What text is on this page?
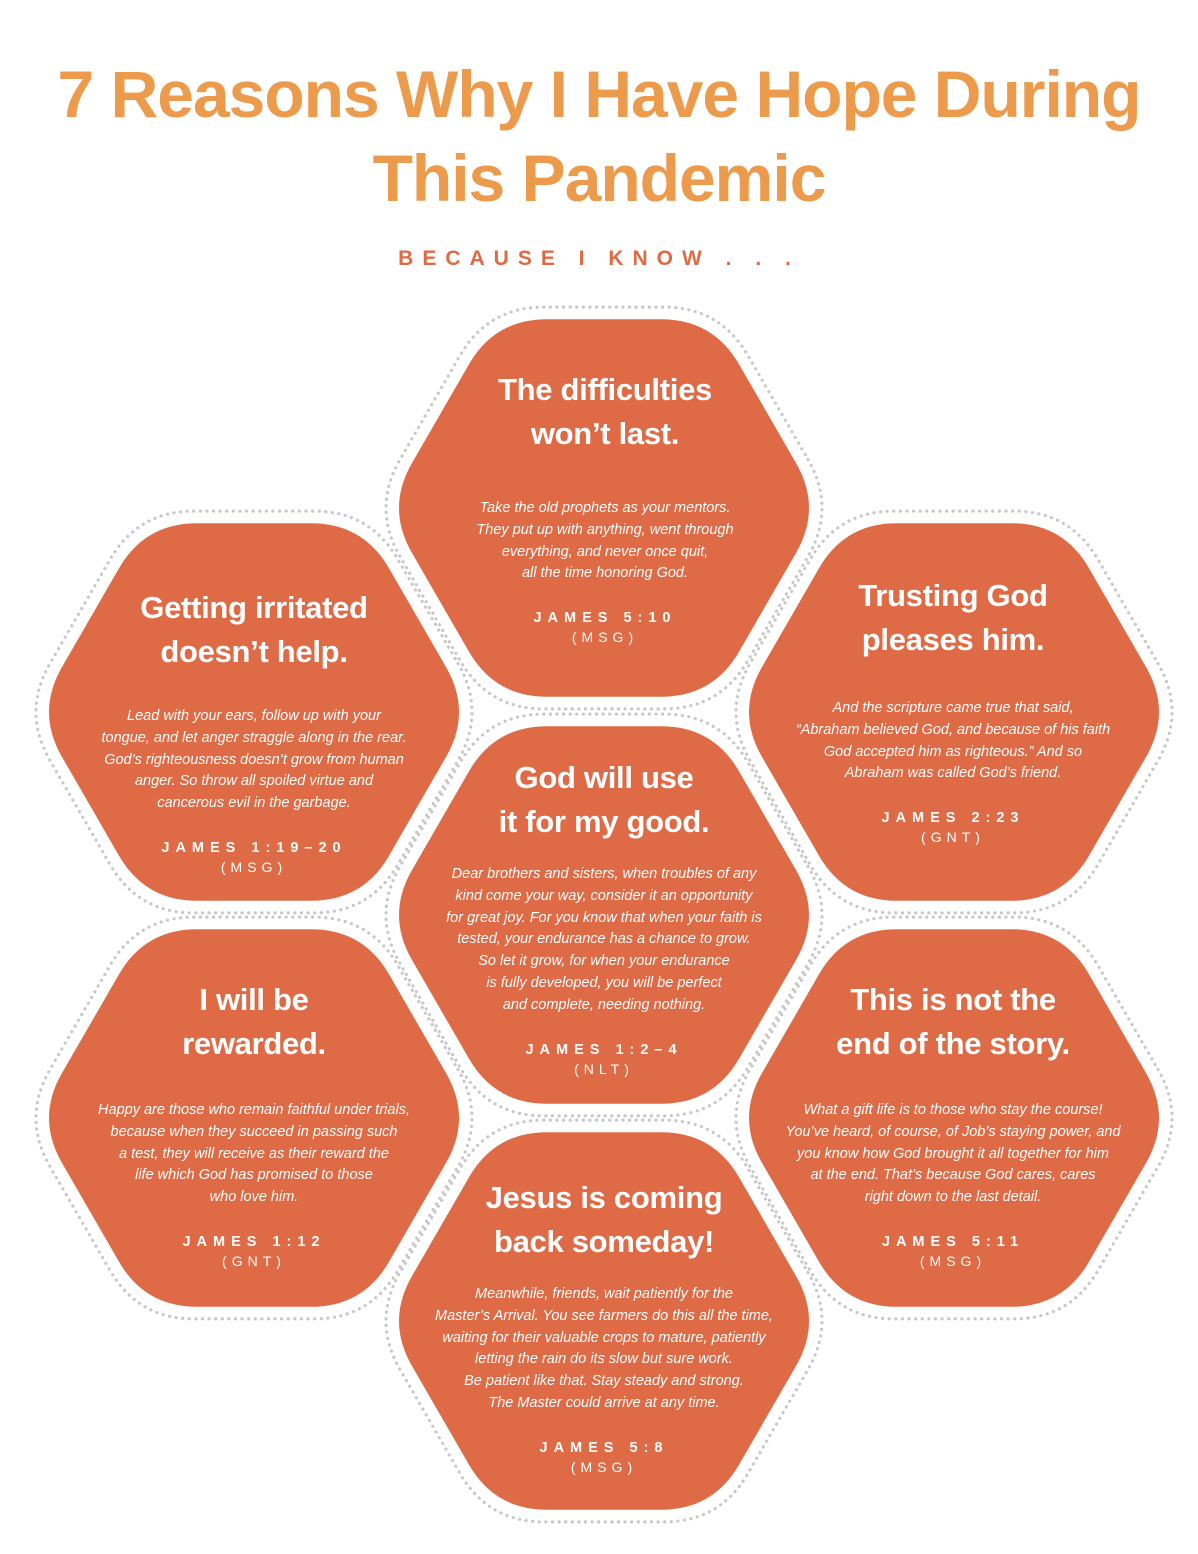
7 Reasons Why I Have Hope During This Pandemic
BECAUSE I KNOW . . .

The difficulties
won’t last.

Take the old prophets as your mentors.
They put up with anything, went through
everything, and never once quit,
all the time honoring God.

JAMES 5:10

(MSG)

Getting irritated
doesn’t help.

Lead with your ears, follow up with your
tongue, and let anger straggle along in the rear.
God’s righteousness doesn’t grow from human
anger. So throw all spoiled virtue and
cancerous evil in the garbage.

JAMES 1:19–20

(MSG)

Trusting God
pleases him.

And the scripture came true that said,
“Abraham believed God, and because of his faith
God accepted him as righteous.” And so
Abraham was called God’s friend.

JAMES 2:23

(GNT)

God will use
it for my good.

Dear brothers and sisters, when troubles of any
kind come your way, consider it an opportunity
for great joy. For you know that when your faith is
tested, your endurance has a chance to grow.
So let it grow, for when your endurance
is fully developed, you will be perfect
and complete, needing nothing.

JAMES 1:2–4

(NLT)

I will be
rewarded.

Happy are those who remain faithful under trials,
because when they succeed in passing such
a test, they will receive as their reward the
life which God has promised to those
who love him.

JAMES 1:12

(GNT)

This is not the
end of the story.

What a gift life is to those who stay the course!
You’ve heard, of course, of Job’s staying power, and
you know how God brought it all together for him
at the end. That’s because God cares, cares
right down to the last detail.

JAMES 5:11

(MSG)

Jesus is coming
back someday!

Meanwhile, friends, wait patiently for the
Master’s Arrival. You see farmers do this all the time,
waiting for their valuable crops to mature, patiently
letting the rain do its slow but sure work.
Be patient like that. Stay steady and strong.
The Master could arrive at any time.

JAMES 5:8

(MSG)
